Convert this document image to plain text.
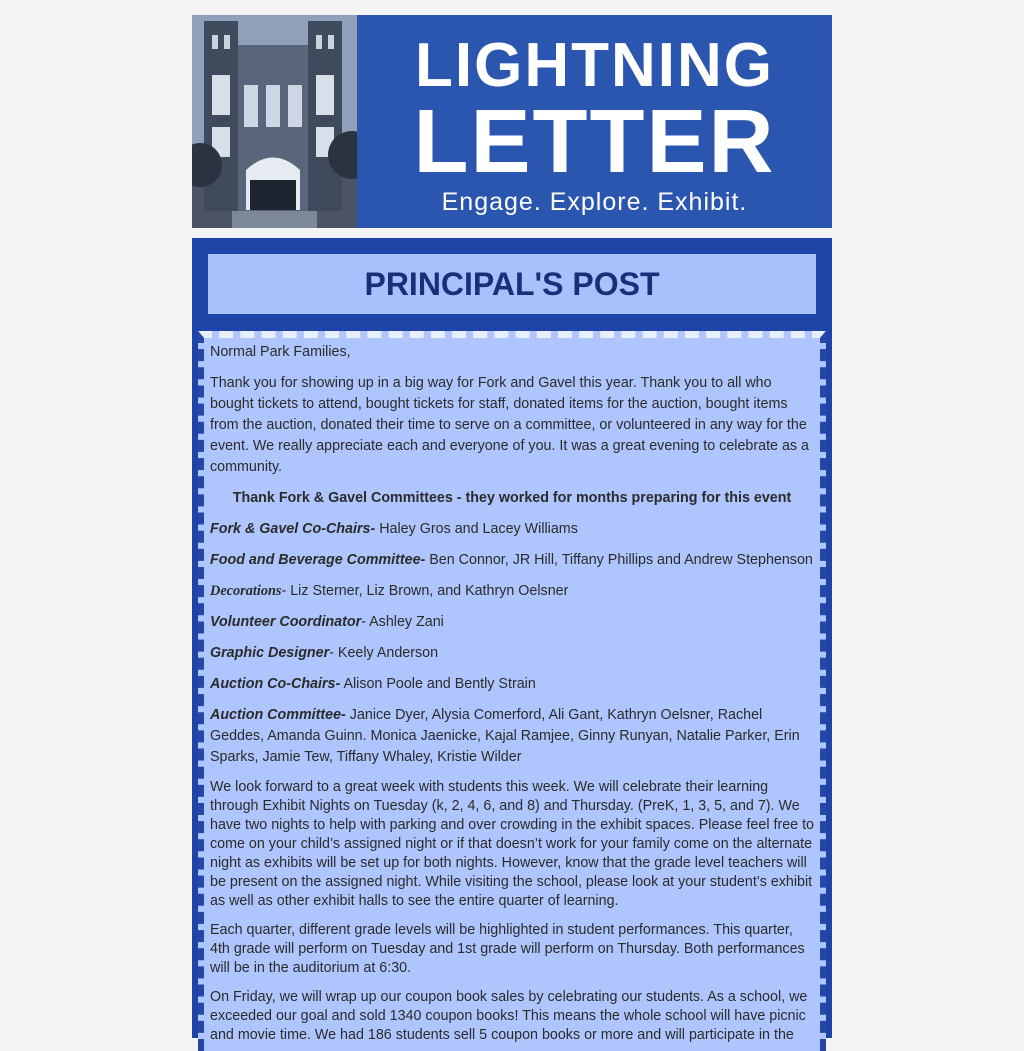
LIGHTNING
LETTER
Engage. Explore. Exhibit.
PRINCIPAL'S POST

Normal Park Families,

Thank you for showing up in a big way for Fork and Gavel this year. Thank you to all who bought tickets to attend, bought tickets for staff, donated items for the auction, bought items from the auction, donated their time to serve on a committee, or volunteered in any way for the event. We really appreciate each and everyone of you. It was a great evening to celebrate as a community.

Thank Fork & Gavel Committees - they worked for months preparing for this event

Fork & Gavel Co-Chairs- Haley Gros and Lacey Williams

Food and Beverage Committee- Ben Connor, JR Hill, Tiffany Phillips and Andrew Stephenson

Decorations- Liz Sterner, Liz Brown, and Kathryn Oelsner

Volunteer Coordinator- Ashley Zani

Graphic Designer- Keely Anderson

Auction Co-Chairs- Alison Poole and Bently Strain

Auction Committee- Janice Dyer, Alysia Comerford, Ali Gant, Kathryn Oelsner, Rachel Geddes, Amanda Guinn. Monica Jaenicke, Kajal Ramjee, Ginny Runyan, Natalie Parker, Erin Sparks, Jamie Tew, Tiffany Whaley, Kristie Wilder

We look forward to a great week with students this week. We will celebrate their learning through Exhibit Nights on Tuesday (k, 2, 4, 6, and 8) and Thursday. (PreK, 1, 3, 5, and 7). We have two nights to help with parking and over crowding in the exhibit spaces. Please feel free to come on your child’s assigned night or if that doesn’t work for your family come on the alternate night as exhibits will be set up for both nights. However, know that the grade level teachers will be present on the assigned night. While visiting the school, please look at your student’s exhibit as well as other exhibit halls to see the entire quarter of learning.

Each quarter, different grade levels will be highlighted in student performances. This quarter, 4th grade will perform on Tuesday and 1st grade will perform on Thursday. Both performances will be in the auditorium at 6:30.

On Friday, we will wrap up our coupon book sales by celebrating our students. As a school, we exceeded our goal and sold 1340 coupon books! This means the whole school will have picnic and movie time. We had 186 students sell 5 coupon books or more and will participate in the
